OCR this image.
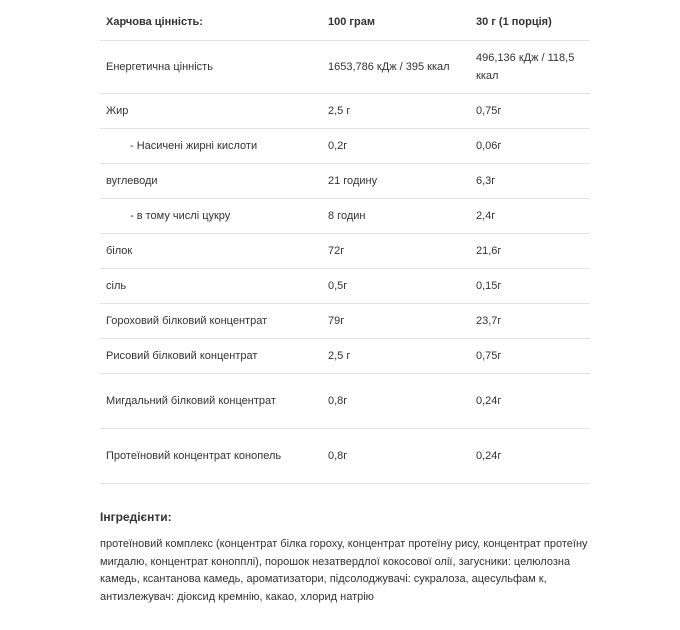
Харчова цінність:	100 грам	30 г (1 порція)
Енергетична цінність	1653,786 кДж / 395 ккал	496,136 кДж / 118,5 ккал
Жир	2,5 г	0,75г
- Насичені жирні кислоти	0,2г	0,06г
вуглеводи	21 годину	6,3г
- в тому числі цукру	8 годин	2,4г
білок	72г	21,6г
сіль	0,5г	0,15г
Гороховий білковий концентрат	79г	23,7г
Рисовий білковий концентрат	2,5 г	0,75г
Мигдальний білковий концентрат	0,8г	0,24г
Протеїновий концентрат конопель	0,8г	0,24г
Інгредієнти:
протеїновий комплекс (концентрат білка гороху, концентрат протеїну рису, концентрат протеїну мигдалю, концентрат конопплі), порошок незатвердлої кокосової олії, загусники: целюлозна камедь, ксантанова камедь, ароматизатори, підсолоджувачі: сукралоза, ацесульфам к, антизлежувач: діоксид кремнію, какао, хлорид натрію
